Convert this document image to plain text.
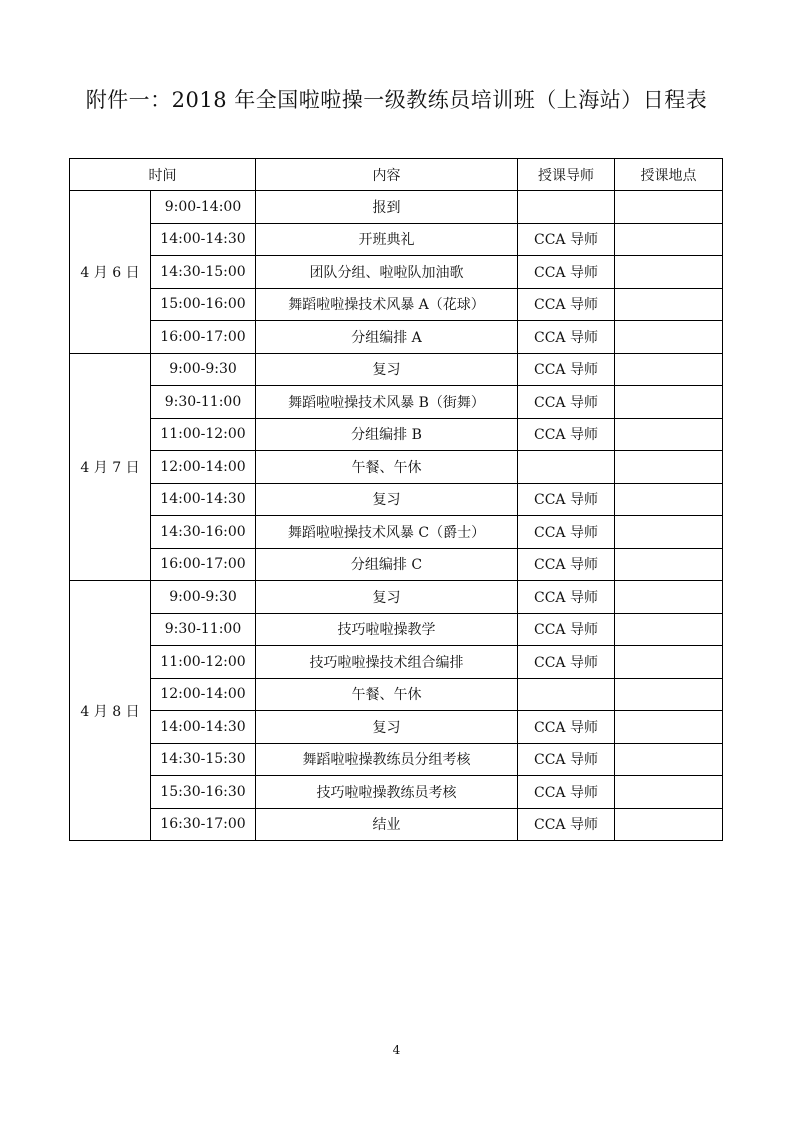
附件一：2018 年全国啦啦操一级教练员培训班（上海站）日程表
时间		内容	授课导师	授课地点
4 月 6 日	9:00-14:00	报到		
	14:00-14:30	开班典礼	CCA 导师	
	14:30-15:00	团队分组、啦啦队加油歌	CCA 导师	
	15:00-16:00	舞蹈啦啦操技术风暴 A（花球）	CCA 导师	
	16:00-17:00	分组编排 A	CCA 导师	
4 月 7 日	9:00-9:30	复习	CCA 导师	
	9:30-11:00	舞蹈啦啦操技术风暴 B（街舞）	CCA 导师	
	11:00-12:00	分组编排 B	CCA 导师	
	12:00-14:00	午餐、午休		
	14:00-14:30	复习	CCA 导师	
	14:30-16:00	舞蹈啦啦操技术风暴 C（爵士）	CCA 导师	
	16:00-17:00	分组编排 C	CCA 导师	
4 月 8 日	9:00-9:30	复习	CCA 导师	
	9:30-11:00	技巧啦啦操教学	CCA 导师	
	11:00-12:00	技巧啦啦操技术组合编排	CCA 导师	
	12:00-14:00	午餐、午休		
	14:00-14:30	复习	CCA 导师	
	14:30-15:30	舞蹈啦啦操教练员分组考核	CCA 导师	
	15:30-16:30	技巧啦啦操教练员考核	CCA 导师	
	16:30-17:00	结业	CCA 导师	
4
